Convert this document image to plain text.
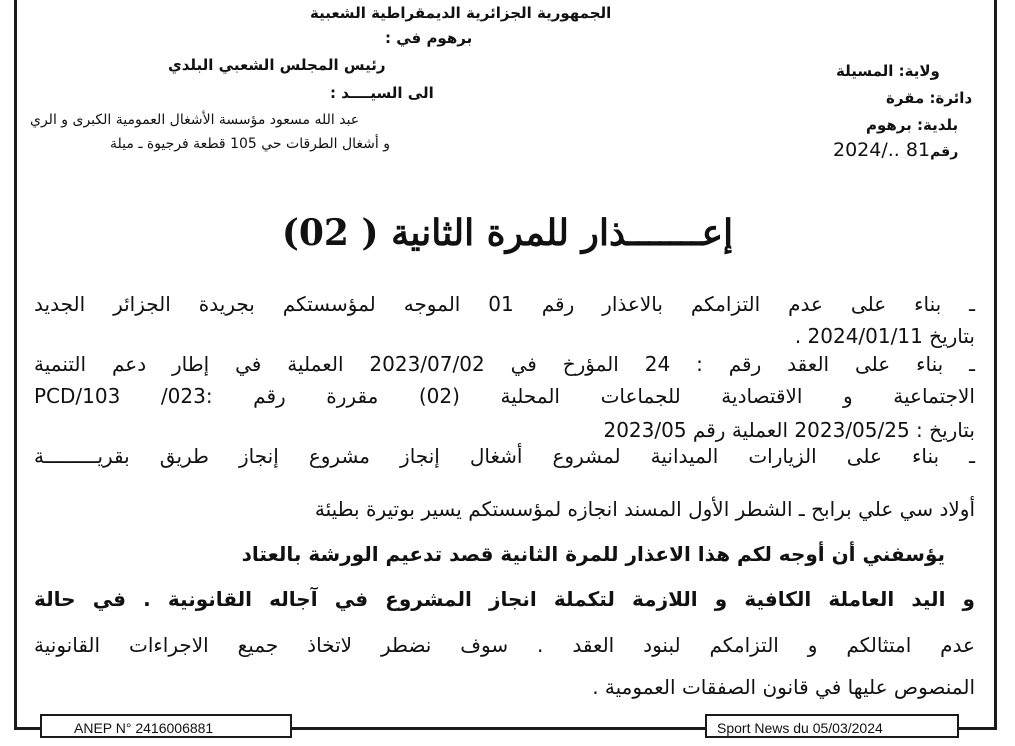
الجمهورية الجزائرية الديمقراطية الشعبية
برهوم في :
رئيس المجلس الشعبي البلدي
الى السيــــد :
عبد الله مسعود مؤسسة الأشغال العمومية الكبرى و الري
و أشغال الطرقات حي 105 قطعة فرجيوة ـ ميلة
ولاية: المسيلة
دائرة: مقرة
بلدية: برهوم
2024/..‌ 81رقم
إعـــــــذار للمرة الثانية ( 02)
ـ بناء على عدم التزامكم بالاعذار رقم 01 الموجه لمؤسستكم بجريدة الجزائر الجديد
بتاريخ 2024/01/11 .
ـ بناء على العقد رقم : 24 المؤرخ في 2023/07/02 العملية في إطار دعم التنمية
الاجتماعية و الاقتصادية للجماعات المحلية (02) مقررة رقم :023/ PCD/103
بتاريخ : 2023/05/25 العملية رقم 2023/05
ـ بناء على الزيارات الميدانية لمشروع أشغال إنجاز مشروع إنجاز طريق بقريـــــــــة
أولاد سي علي برابح ـ الشطر الأول المسند انجازه لمؤسستكم يسير بوتيرة بطيئة
يؤسفني أن أوجه لكم هذا الاعذار للمرة الثانية قصد تدعيم الورشة بالعتاد
و اليد العاملة الكافية و اللازمة لتكملة انجاز المشروع في آجاله القانونية . في حالة
عدم امتثالكم و التزامكم لبنود العقد . سوف نضطر لاتخاذ جميع الاجراءات القانونية
المنصوص عليها في قانون الصفقات العمومية .
ANEP N° 2416006881	Sport News du 05/03/2024
